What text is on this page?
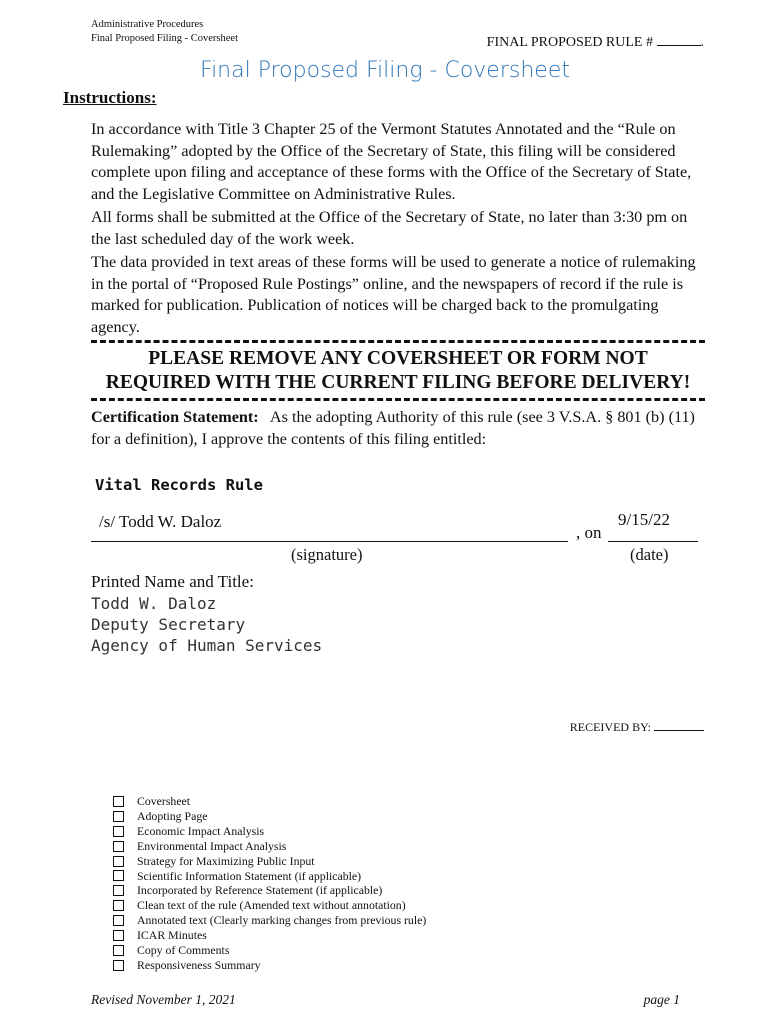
Administrative Procedures
Final Proposed Filing - Coversheet	FINAL PROPOSED RULE #	.
Final Proposed Filing - Coversheet
Instructions:

In accordance with Title 3 Chapter 25 of the Vermont Statutes Annotated and the “Rule on Rulemaking” adopted by the Office of the Secretary of State, this filing will be considered complete upon filing and acceptance of these forms with the Office of the Secretary of State, and the Legislative Committee on Administrative Rules.

All forms shall be submitted at the Office of the Secretary of State, no later than 3:30 pm on the last scheduled day of the work week.

The data provided in text areas of these forms will be used to generate a notice of rulemaking in the portal of “Proposed Rule Postings” online, and the newspapers of record if the rule is marked for publication. Publication of notices will be charged back to the promulgating agency.

PLEASE REMOVE ANY COVERSHEET OR FORM NOT
REQUIRED WITH THE CURRENT FILING BEFORE DELIVERY!
Certification Statement: As the adopting Authority of this rule (see 3 V.S.A. § 801 (b) (11) for a definition), I approve the contents of this filing entitled:
Vital Records Rule
/s/ Todd W. Daloz
, on
9/15/22
(signature)	(date)
Printed Name and Title:
Todd W. Daloz
Deputy Secretary
Agency of Human Services
RECEIVED BY:
Coversheet
Adopting Page
Economic Impact Analysis
Environmental Impact Analysis
Strategy for Maximizing Public Input
Scientific Information Statement (if applicable)
Incorporated by Reference Statement (if applicable)
Clean text of the rule (Amended text without annotation)
Annotated text (Clearly marking changes from previous rule)
ICAR Minutes
Copy of Comments
Responsiveness Summary
Revised November 1, 2021	page 1
